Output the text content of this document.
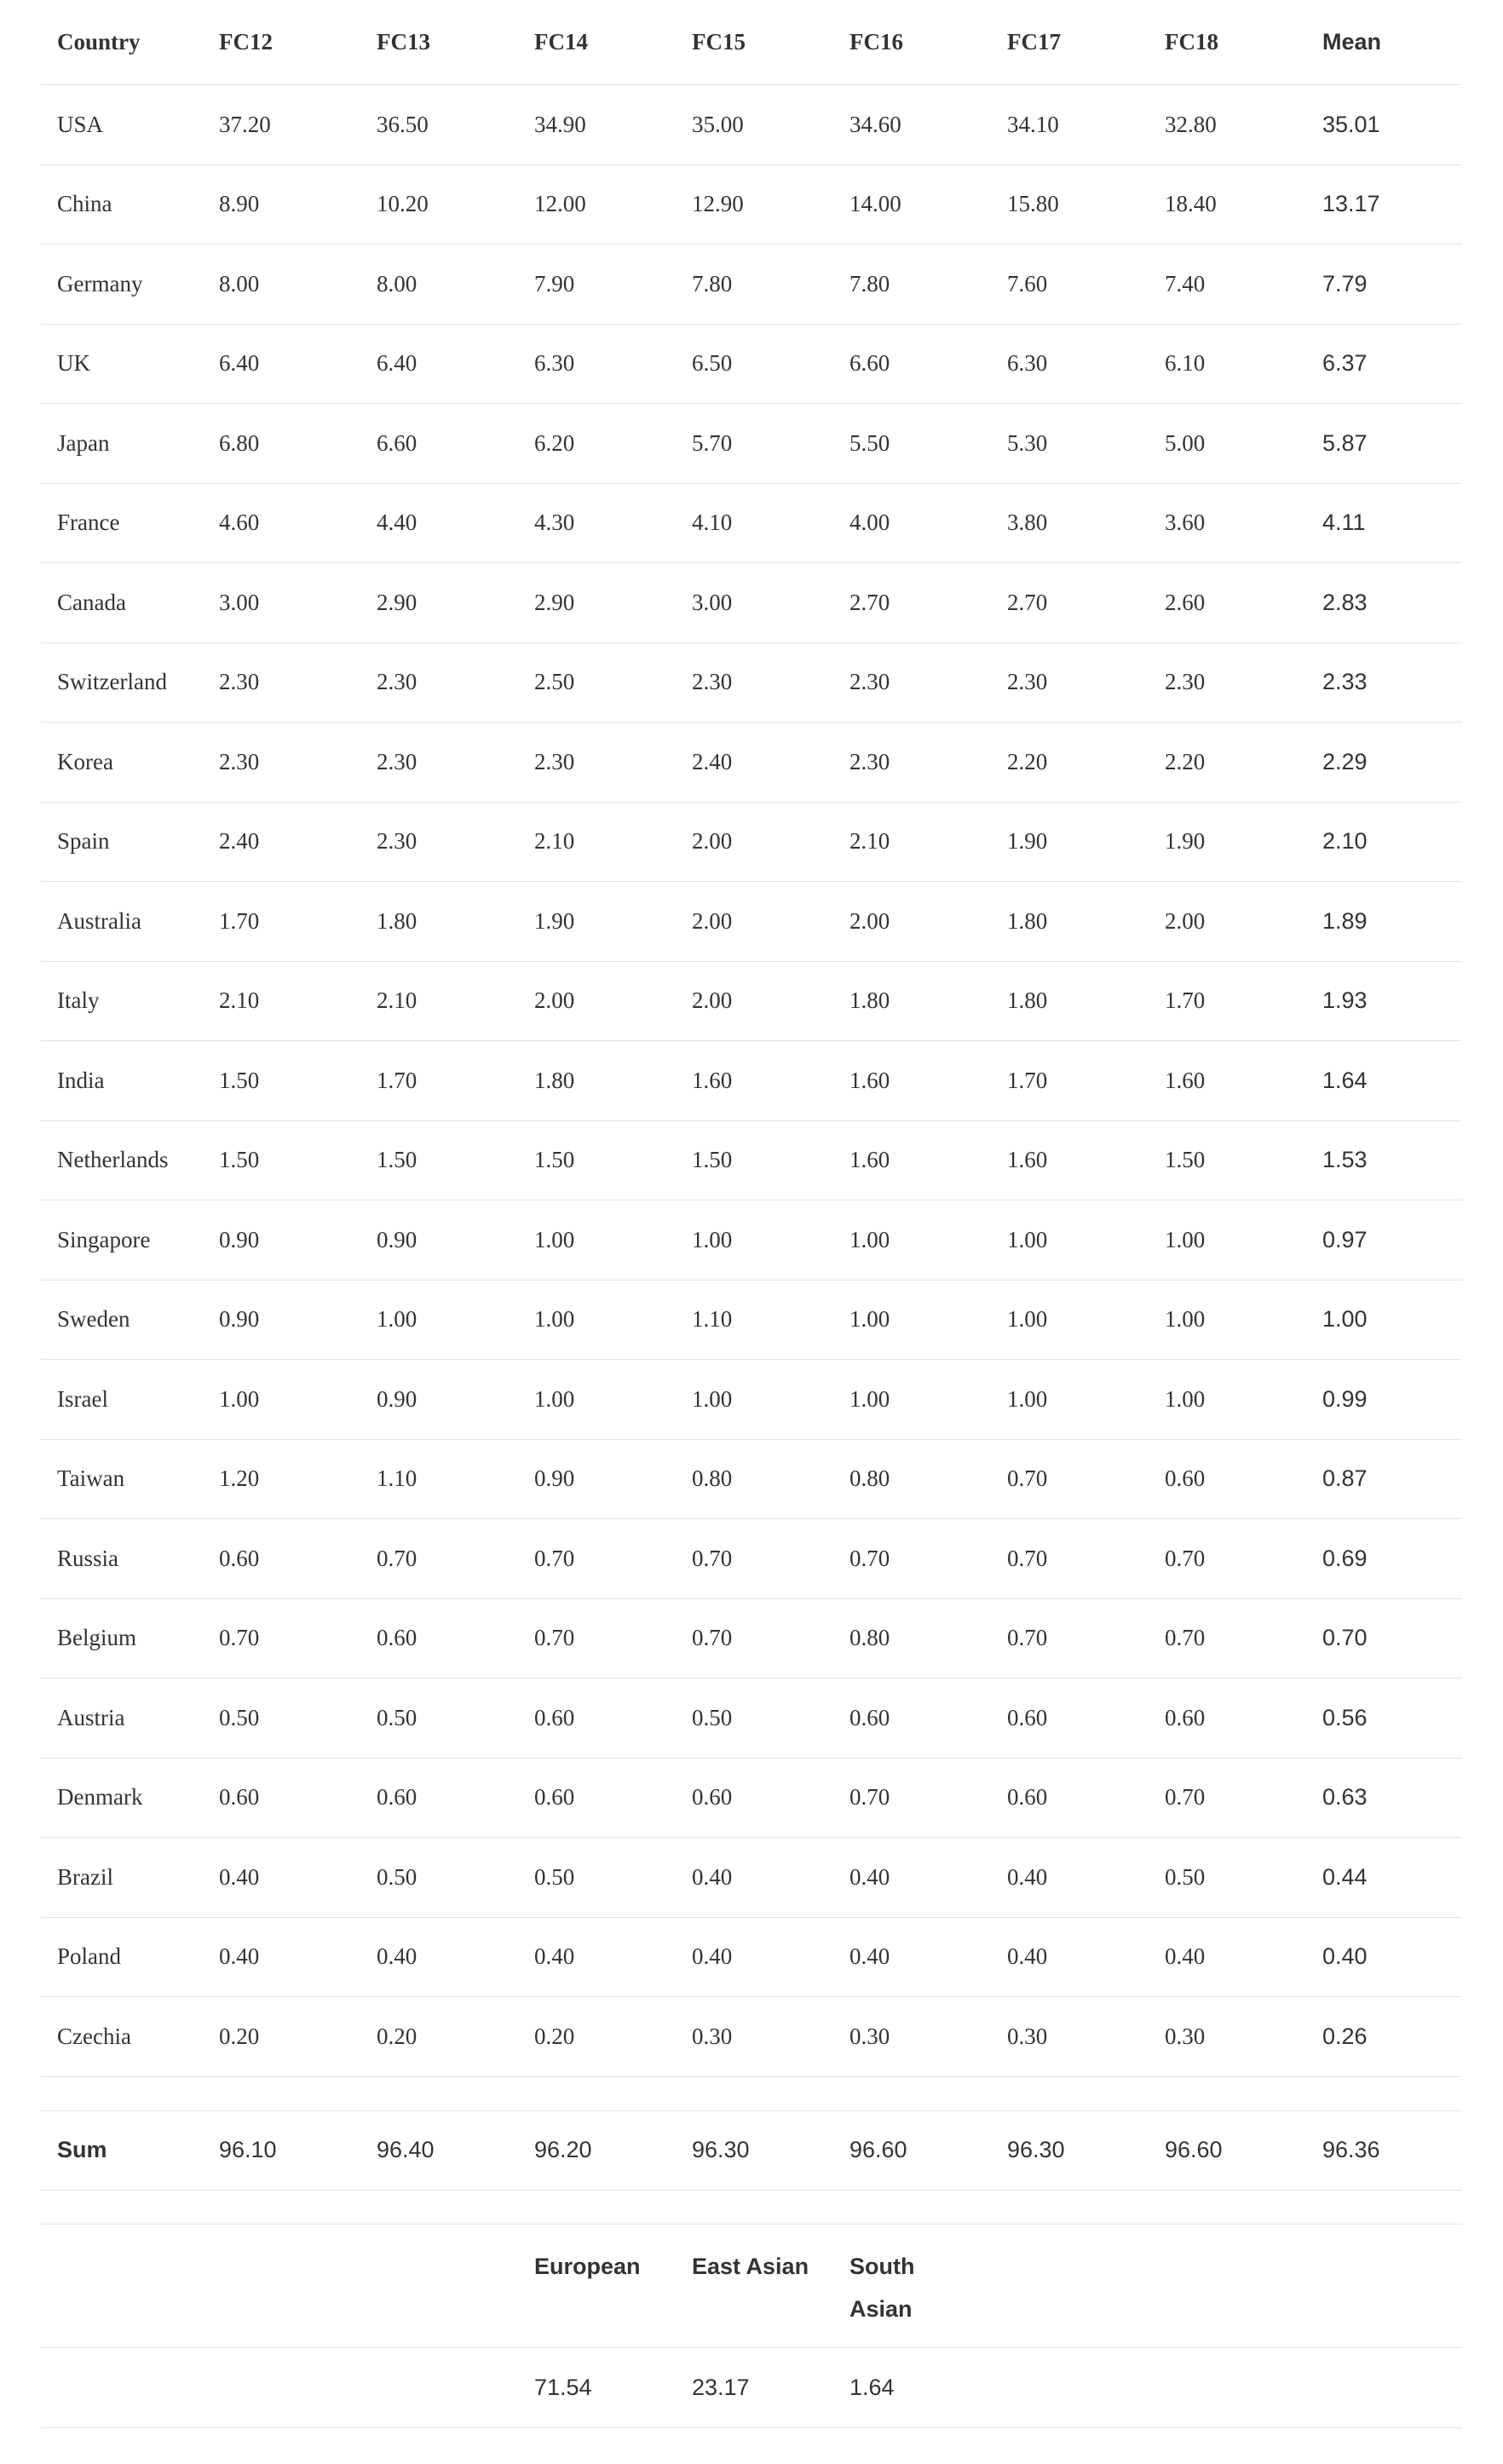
Country	FC12	FC13	FC14	FC15	FC16	FC17	FC18	Mean
USA	37.20	36.50	34.90	35.00	34.60	34.10	32.80	35.01
China	8.90	10.20	12.00	12.90	14.00	15.80	18.40	13.17
Germany	8.00	8.00	7.90	7.80	7.80	7.60	7.40	7.79
UK	6.40	6.40	6.30	6.50	6.60	6.30	6.10	6.37
Japan	6.80	6.60	6.20	5.70	5.50	5.30	5.00	5.87
France	4.60	4.40	4.30	4.10	4.00	3.80	3.60	4.11
Canada	3.00	2.90	2.90	3.00	2.70	2.70	2.60	2.83
Switzerland	2.30	2.30	2.50	2.30	2.30	2.30	2.30	2.33
Korea	2.30	2.30	2.30	2.40	2.30	2.20	2.20	2.29
Spain	2.40	2.30	2.10	2.00	2.10	1.90	1.90	2.10
Australia	1.70	1.80	1.90	2.00	2.00	1.80	2.00	1.89
Italy	2.10	2.10	2.00	2.00	1.80	1.80	1.70	1.93
India	1.50	1.70	1.80	1.60	1.60	1.70	1.60	1.64
Netherlands	1.50	1.50	1.50	1.50	1.60	1.60	1.50	1.53
Singapore	0.90	0.90	1.00	1.00	1.00	1.00	1.00	0.97
Sweden	0.90	1.00	1.00	1.10	1.00	1.00	1.00	1.00
Israel	1.00	0.90	1.00	1.00	1.00	1.00	1.00	0.99
Taiwan	1.20	1.10	0.90	0.80	0.80	0.70	0.60	0.87
Russia	0.60	0.70	0.70	0.70	0.70	0.70	0.70	0.69
Belgium	0.70	0.60	0.70	0.70	0.80	0.70	0.70	0.70
Austria	0.50	0.50	0.60	0.50	0.60	0.60	0.60	0.56
Denmark	0.60	0.60	0.60	0.60	0.70	0.60	0.70	0.63
Brazil	0.40	0.50	0.50	0.40	0.40	0.40	0.50	0.44
Poland	0.40	0.40	0.40	0.40	0.40	0.40	0.40	0.40
Czechia	0.20	0.20	0.20	0.30	0.30	0.30	0.30	0.26
Sum	96.10	96.40	96.20	96.30	96.60	96.30	96.60	96.36
European	East Asian	South Asian
71.54	23.17	1.64
